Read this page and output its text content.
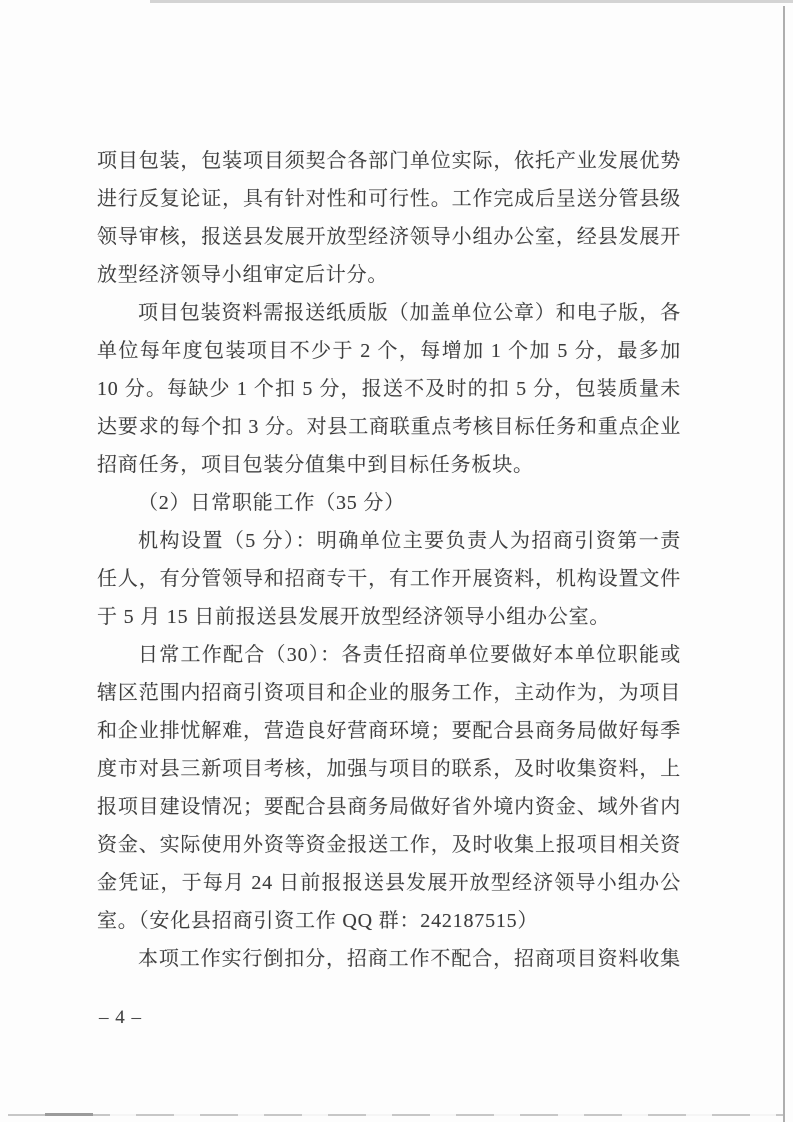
项目包装，包装项目须契合各部门单位实际，依托产业发展优势
进行反复论证，具有针对性和可行性。工作完成后呈送分管县级
领导审核，报送县发展开放型经济领导小组办公室，经县发展开
放型经济领导小组审定后计分。
项目包装资料需报送纸质版（加盖单位公章）和电子版，各
单位每年度包装项目不少于 2 个，每增加 1 个加 5 分，最多加
10 分。每缺少 1 个扣 5 分，报送不及时的扣 5 分，包装质量未
达要求的每个扣 3 分。对县工商联重点考核目标任务和重点企业
招商任务，项目包装分值集中到目标任务板块。
（2）日常职能工作（35 分）
机构设置（5 分）：明确单位主要负责人为招商引资第一责
任人，有分管领导和招商专干，有工作开展资料，机构设置文件
于 5 月 15 日前报送县发展开放型经济领导小组办公室。
日常工作配合（30）：各责任招商单位要做好本单位职能或
辖区范围内招商引资项目和企业的服务工作，主动作为，为项目
和企业排忧解难，营造良好营商环境；要配合县商务局做好每季
度市对县三新项目考核，加强与项目的联系，及时收集资料，上
报项目建设情况；要配合县商务局做好省外境内资金、域外省内
资金、实际使用外资等资金报送工作，及时收集上报项目相关资
金凭证，于每月 24 日前报报送县发展开放型经济领导小组办公
室。（安化县招商引资工作 QQ 群：242187515）
本项工作实行倒扣分，招商工作不配合，招商项目资料收集
– 4 –
